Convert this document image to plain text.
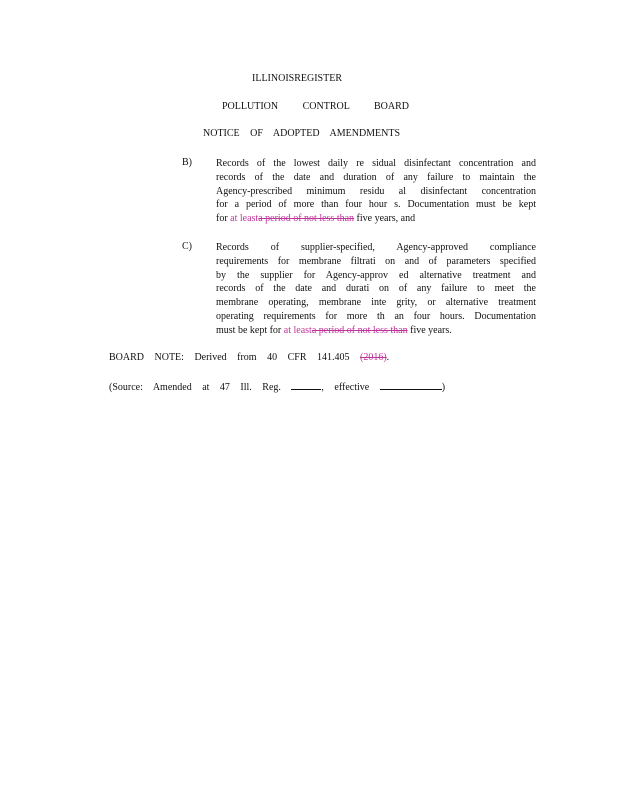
ILLINOISREGISTER
POLLUTION CONTROL BOARD
NOTICE OF ADOPTED AMENDMENTS
B) Records of the lowest daily re sidual disinfectant concentration and
records of the date and duration of any failure to maintain the
Agency-prescribed minimum residu al disinfectant concentration
for a period of more than four hour s. Documentation must be kept
for at leasta period of not less than five years, and
C) Records of supplier-specified, Agency-approved compliance
requirements for membrane filtrati on and of parameters specified
by the supplier for Agency-approv ed alternative treatment and
records of the date and durati on of any failure to meet the
membrane operating, membrane inte grity, or alternative treatment
operating requirements for more th an four hours. Documentation
must be kept for at leasta period of not less than five years.
BOARD NOTE: Derived from 40 CFR 141.405 (2016).
(Source: Amended at 47 Ill. Reg.	, effective	)
